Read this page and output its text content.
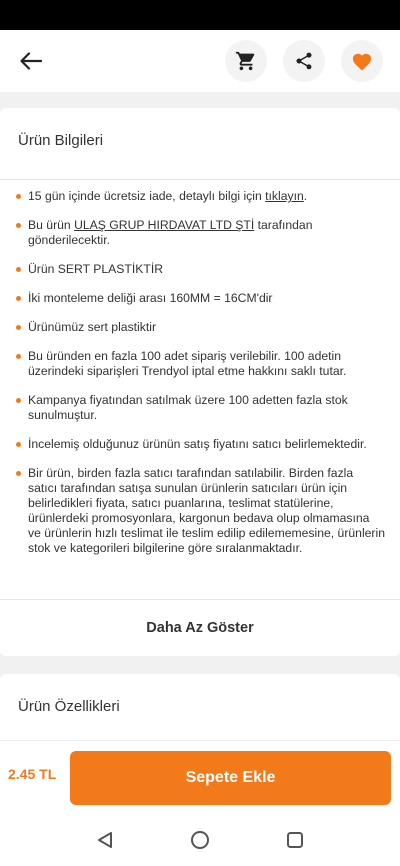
Ürün Bilgileri
15 gün içinde ücretsiz iade, detaylı bilgi için tıklayın.
Bu ürün ULAŞ GRUP HIRDAVAT LTD ŞTİ tarafından gönderilecektir.
Ürün SERT PLASTİKTİR
İki monteleme deliği arası 160MM = 16CM'dir
Ürünümüz sert plastiktir
Bu üründen en fazla 100 adet sipariş verilebilir. 100 adetin üzerindeki siparişleri Trendyol iptal etme hakkını saklı tutar.
Kampanya fiyatından satılmak üzere 100 adetten fazla stok sunulmuştur.
İncelemiş olduğunuz ürünün satış fiyatını satıcı belirlemektedir.
Bir ürün, birden fazla satıcı tarafından satılabilir. Birden fazla satıcı tarafından satışa sunulan ürünlerin satıcıları ürün için belirledikleri fiyata, satıcı puanlarına, teslimat statülerine, ürünlerdeki promosyonlara, kargonun bedava olup olmamasına ve ürünlerin hızlı teslimat ile teslim edilip edilememesine, ürünlerin stok ve kategorileri bilgilerine göre sıralanmaktadır.
Daha Az Göster
Ürün Özellikleri
2.45 TL	Sepete Ekle
